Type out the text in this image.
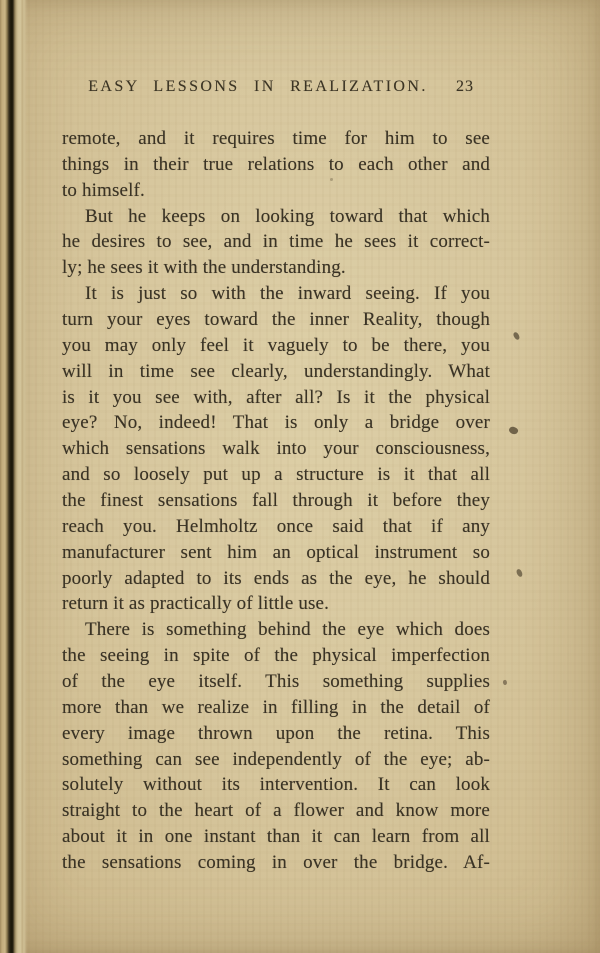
EASY LESSONS IN REALIZATION.	23
remote, and it requires time for him to see
things in their true relations to each other and
to himself.
But he keeps on looking toward that which
he desires to see, and in time he sees it correct-
ly; he sees it with the understanding.
It is just so with the inward seeing. If you
turn your eyes toward the inner Reality, though
you may only feel it vaguely to be there, you
will in time see clearly, understandingly. What
is it you see with, after all? Is it the physical
eye? No, indeed! That is only a bridge over
which sensations walk into your consciousness,
and so loosely put up a structure is it that all
the finest sensations fall through it before they
reach you. Helmholtz once said that if any
manufacturer sent him an optical instrument so
poorly adapted to its ends as the eye, he should
return it as practically of little use.
There is something behind the eye which does
the seeing in spite of the physical imperfection
of the eye itself. This something supplies
more than we realize in filling in the detail of
every image thrown upon the retina. This
something can see independently of the eye; ab-
solutely without its intervention. It can look
straight to the heart of a flower and know more
about it in one instant than it can learn from all
the sensations coming in over the bridge. Af-
